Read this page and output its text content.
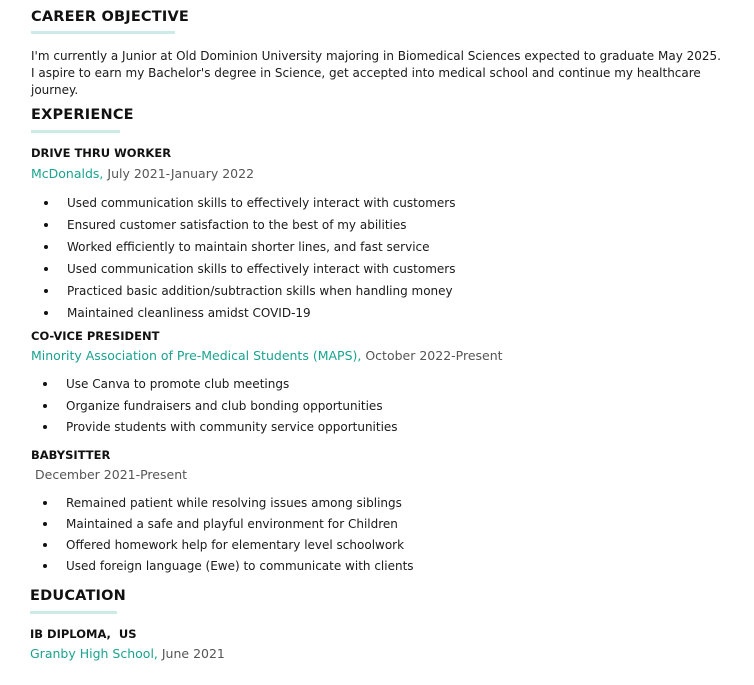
CAREER OBJECTIVE
I'm currently a Junior at Old Dominion University majoring in Biomedical Sciences expected to graduate May 2025. I aspire to earn my Bachelor's degree in Science, get accepted into medical school and continue my healthcare journey.
EXPERIENCE
DRIVE THRU WORKER
McDonalds, July 2021-January 2022
Used communication skills to effectively interact with customers
Ensured customer satisfaction to the best of my abilities
Worked efficiently to maintain shorter lines, and fast service
Used communication skills to effectively interact with customers
Practiced basic addition/subtraction skills when handling money
Maintained cleanliness amidst COVID-19
CO-VICE PRESIDENT
Minority Association of Pre-Medical Students (MAPS), October 2022-Present
Use Canva to promote club meetings
Organize fundraisers and club bonding opportunities
Provide students with community service opportunities
BABYSITTER
December 2021-Present
Remained patient while resolving issues among siblings
Maintained a safe and playful environment for Children
Offered homework help for elementary level schoolwork
Used foreign language (Ewe) to communicate with clients
EDUCATION
IB DIPLOMA,  US
Granby High School, June 2021
